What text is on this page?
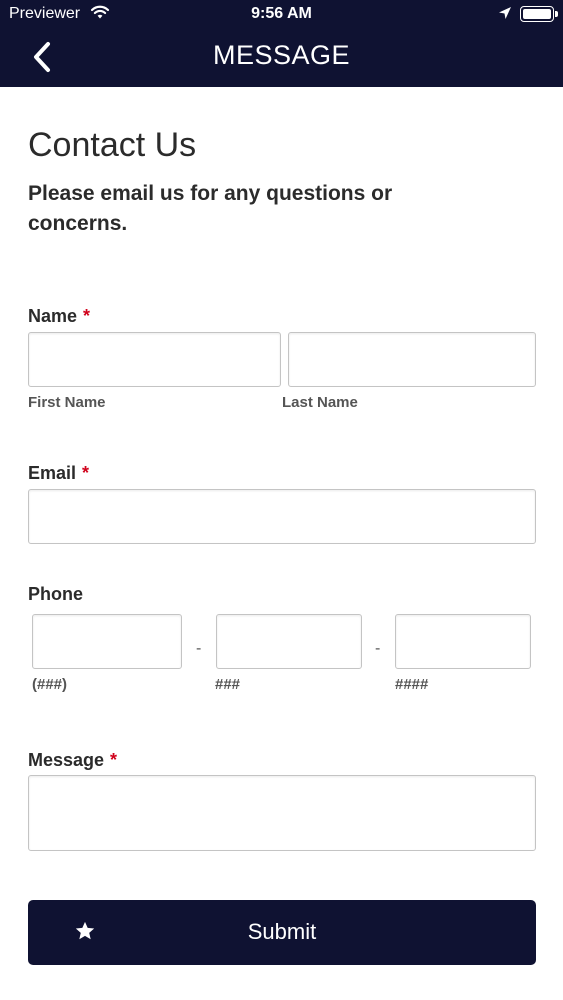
Previewer	9:56 AM
MESSAGE
Contact Us

Please email us for any questions or concerns.

Name *
First Name	Last Name
Email *
Phone
-	-
(###)	###	####
Message *
Submit
